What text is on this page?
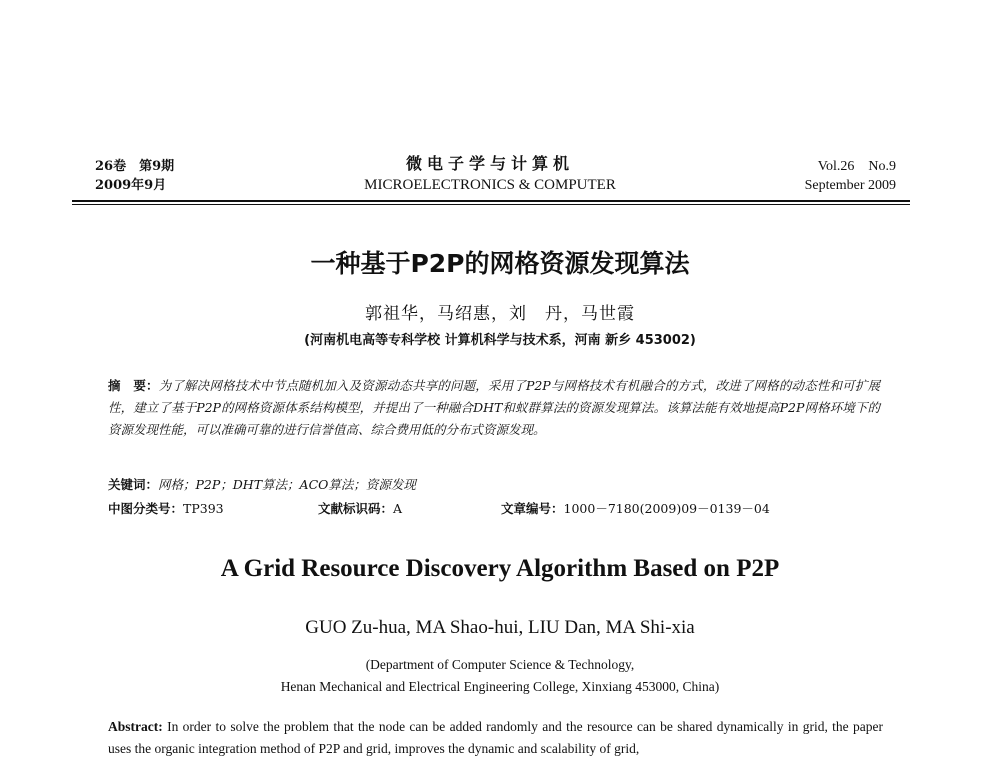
26卷　第9期
2009年9月
微电子学与计算机
MICROELECTRONICS & COMPUTER
Vol.26　No.9
September 2009
一种基于P2P的网格资源发现算法
郭祖华，马绍惠，刘　丹，马世霞
(河南机电高等专科学校 计算机科学与技术系，河南 新乡 453002)
摘　要：为了解决网格技术中节点随机加入及资源动态共享的问题，采用了P2P与网格技术有机融合的方式，改进了网格的动态性和可扩展性，建立了基于P2P的网格资源体系结构模型，并提出了一种融合DHT和蚁群算法的资源发现算法。该算法能有效地提高P2P网格环境下的资源发现性能，可以准确可靠的进行信誉值高、综合费用低的分布式资源发现。
关键词：网格；P2P；DHT算法；ACO算法；资源发现
中图分类号：TP393	文献标识码：A	文章编号：1000－7180(2009)09－0139－04
A Grid Resource Discovery Algorithm Based on P2P
GUO Zu-hua, MA Shao-hui, LIU Dan, MA Shi-xia
(Department of Computer Science & Technology,
Henan Mechanical and Electrical Engineering College, Xinxiang 453000, China)
Abstract: In order to solve the problem that the node can be added randomly and the resource can be shared dynamically in grid, the paper uses the organic integration method of P2P and grid, improves the dynamic and scalability of grid,
